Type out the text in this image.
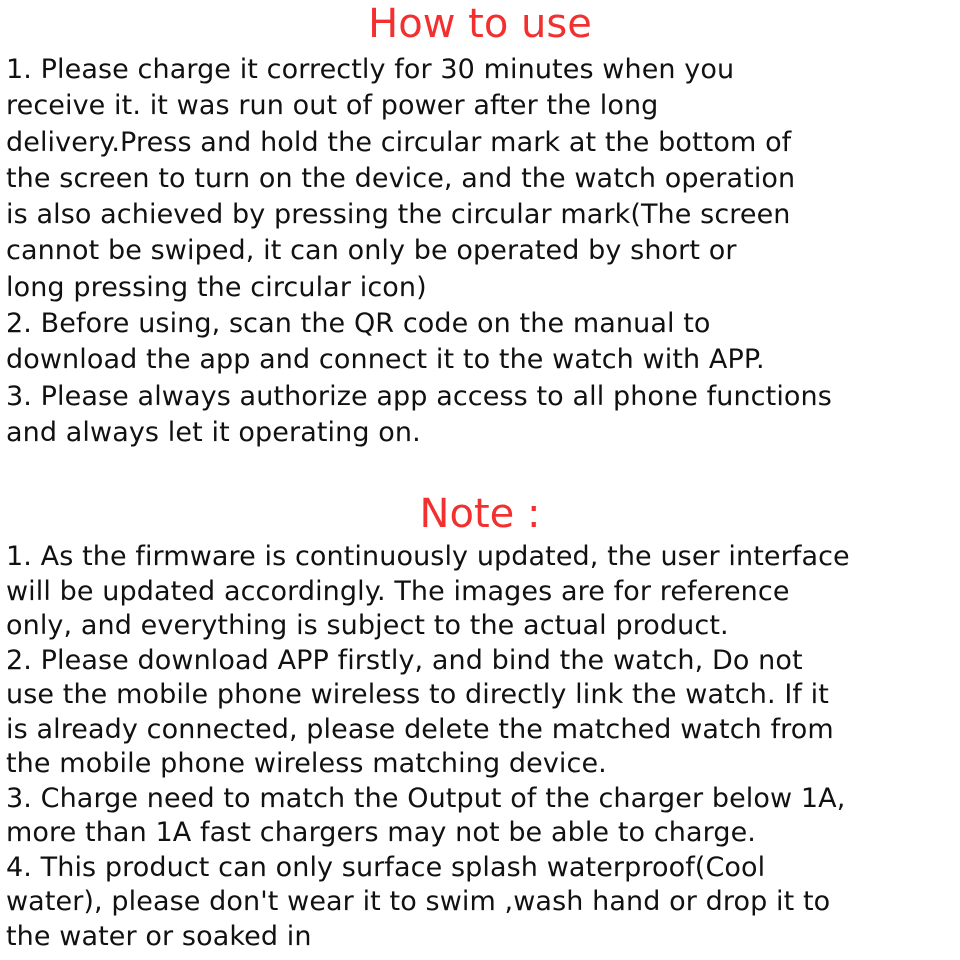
How to use
1. Please charge it correctly for 30 minutes when you
receive it. it was run out of power after the long
delivery.Press and hold the circular mark at the bottom of
the screen to turn on the device, and the watch operation
is also achieved by pressing the circular mark(The screen
cannot be swiped, it can only be operated by short or
long pressing the circular icon)
2. Before using, scan the QR code on the manual to
download the app and connect it to the watch with APP.
3. Please always authorize app access to all phone functions
and always let it operating on.
Note :
1. As the firmware is continuously updated, the user interface
will be updated accordingly. The images are for reference
only, and everything is subject to the actual product.
2. Please download APP firstly, and bind the watch, Do not
use the mobile phone wireless to directly link the watch. If it
is already connected, please delete the matched watch from
the mobile phone wireless matching device.
3. Charge need to match the Output of the charger below 1A,
more than 1A fast chargers may not be able to charge.
4. This product can only surface splash waterproof(Cool
water), please don't wear it to swim ,wash hand or drop it to
the water or soaked in
